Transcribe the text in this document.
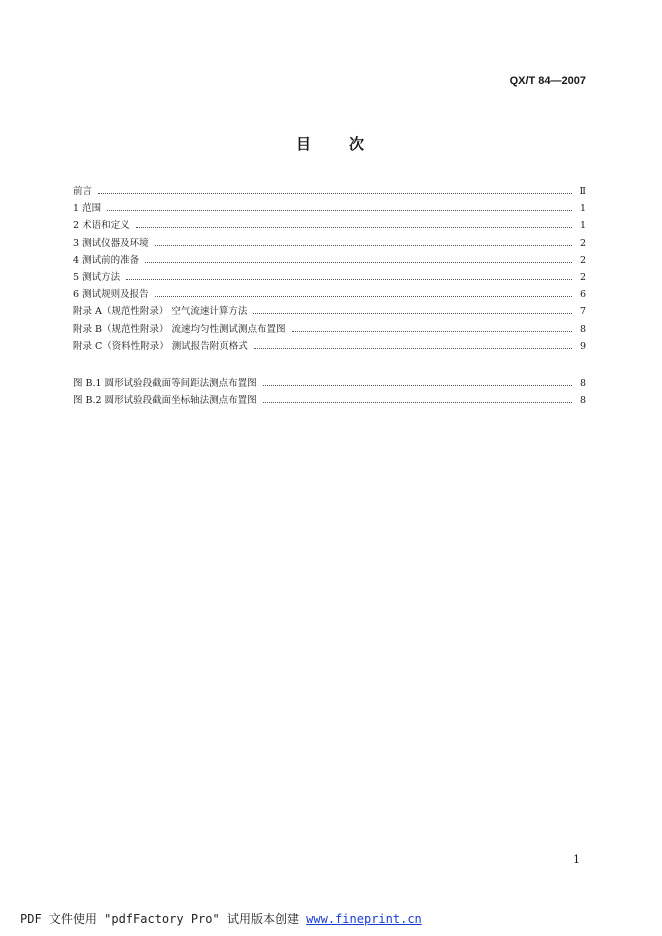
QX/T 84—2007
目 次
前言	Ⅱ
1 范围	1
2 术语和定义	1
3 测试仪器及环境	2
4 测试前的准备	2
5 测试方法	2
6 测试规则及报告	6
附录 A（规范性附录） 空气流速计算方法	7
附录 B（规范性附录） 流速均匀性测试测点布置图	8
附录 C（资料性附录） 测试报告附页格式	9
图 B.1 圆形试验段截面等间距法测点布置图	8
图 B.2 圆形试验段截面坐标轴法测点布置图	8
1
PDF 文件使用 "pdfFactory Pro" 试用版本创建 www.fineprint.cn
